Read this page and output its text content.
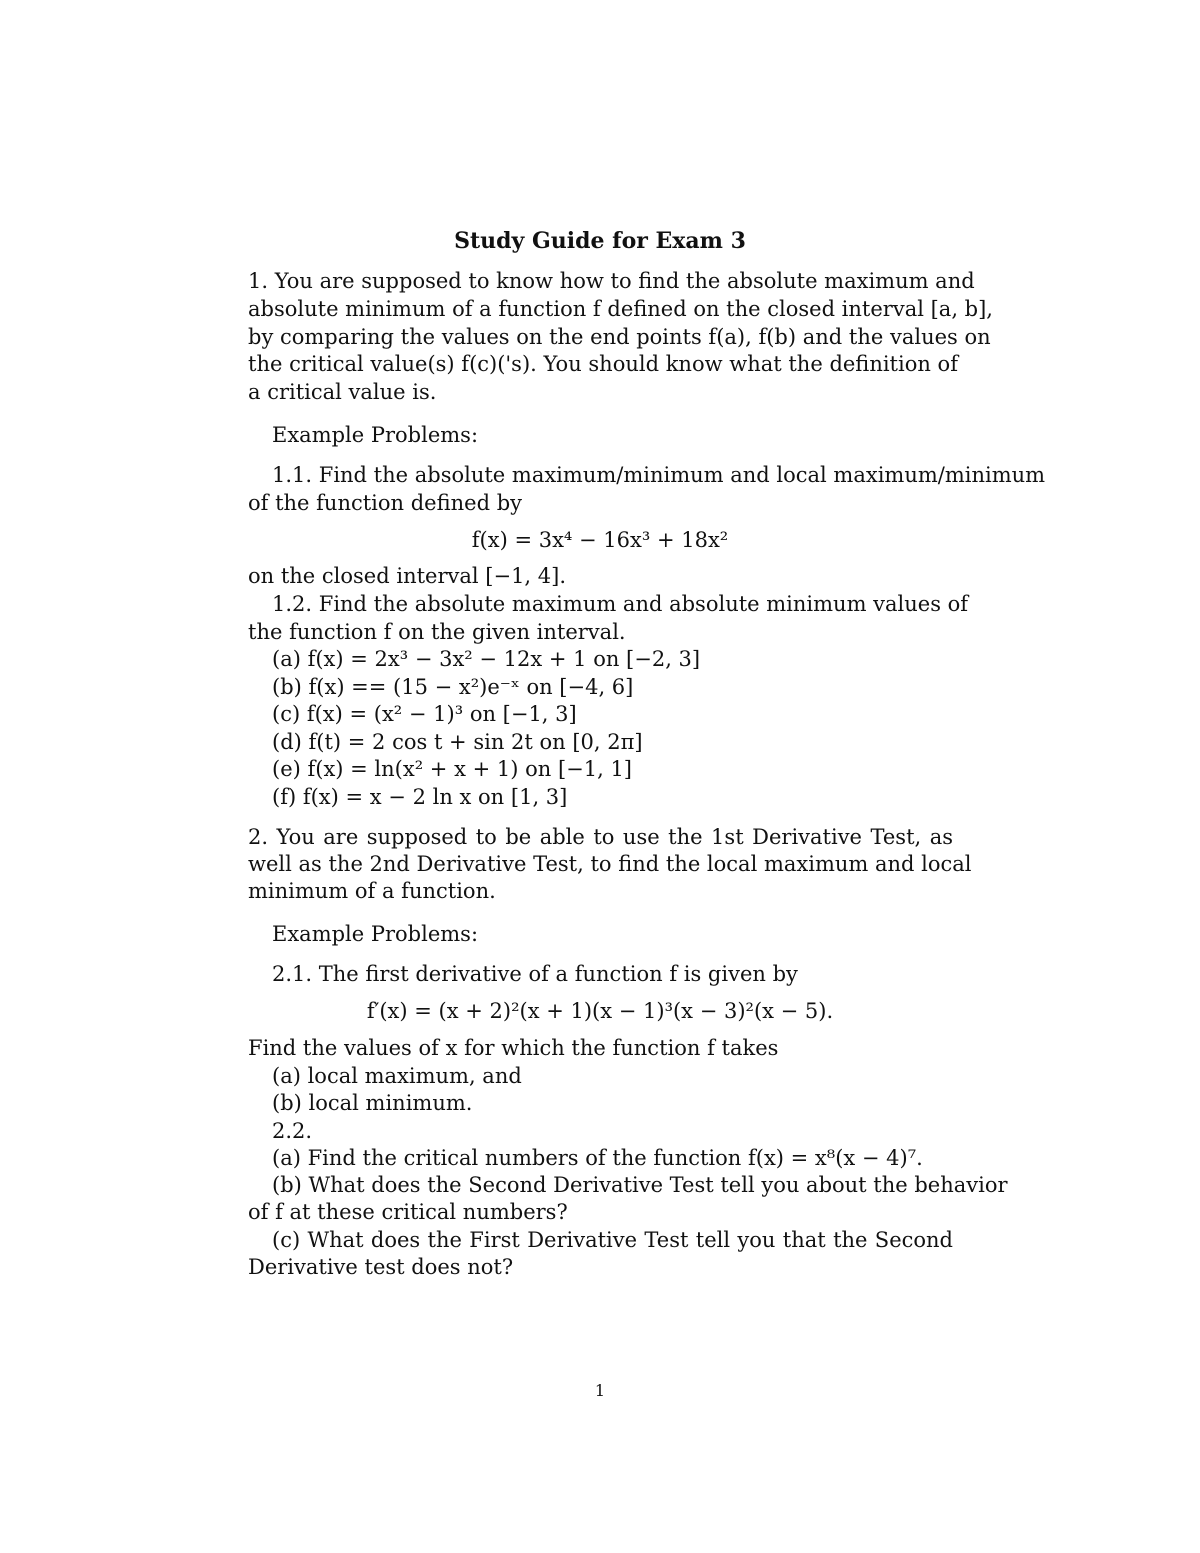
Study Guide for Exam 3
1. You are supposed to know how to find the absolute maximum and
absolute minimum of a function f defined on the closed interval [a, b],
by comparing the values on the end points f(a), f(b) and the values on
the critical value(s) f(c)('s). You should know what the definition of
a critical value is.
Example Problems:
1.1. Find the absolute maximum/minimum and local maximum/minimum
of the function defined by
f(x) = 3x⁴ − 16x³ + 18x²
on the closed interval [−1, 4].
1.2. Find the absolute maximum and absolute minimum values of
the function f on the given interval.
(a) f(x) = 2x³ − 3x² − 12x + 1 on [−2, 3]
(b) f(x) == (15 − x²)e⁻ˣ on [−4, 6]
(c) f(x) = (x² − 1)³ on [−1, 3]
(d) f(t) = 2 cos t + sin 2t on [0, 2π]
(e) f(x) = ln(x² + x + 1) on [−1, 1]
(f) f(x) = x − 2 ln x on [1, 3]
2. You are supposed to be able to use the 1st Derivative Test, as
well as the 2nd Derivative Test, to find the local maximum and local
minimum of a function.
Example Problems:
2.1. The first derivative of a function f is given by
f′(x) = (x + 2)²(x + 1)(x − 1)³(x − 3)²(x − 5).
Find the values of x for which the function f takes
(a) local maximum, and
(b) local minimum.
2.2.
(a) Find the critical numbers of the function f(x) = x⁸(x − 4)⁷.
(b) What does the Second Derivative Test tell you about the behavior
of f at these critical numbers?
(c) What does the First Derivative Test tell you that the Second
Derivative test does not?
1
